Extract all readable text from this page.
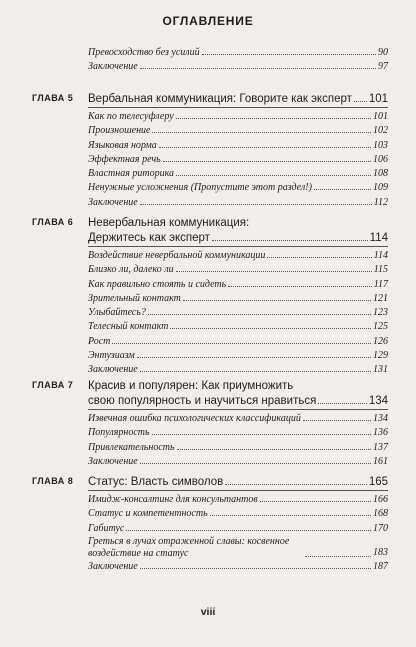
ОГЛАВЛЕНИЕ
Превосходство без усилий	90
Заключение	97
ГЛАВА 5	Вербальная коммуникация: Говорите как эксперт 101
Как по телесуфлеру	101
Произношение	102
Языковая норма	103
Эффектная речь	106
Властная риторика	108
Ненужные усложнения (Пропустите этот раздел!)	109
Заключение	112
ГЛАВА 6	Невербальная коммуникация:
Держитесь как эксперт	114
Воздействие невербальной коммуникации	114
Близко ли, далеко ли	115
Как правильно стоять и сидеть	117
Зрительный контакт	121
Улыбайтесь?	123
Телесный контакт	125
Рост	126
Энтузиазм	129
Заключение	131
ГЛАВА 7	Красив и популярен: Как приумножить
свою популярность и научиться нравиться	134
Извечная ошибка психологических классификаций	134
Популярность	136
Привлекательность	137
Заключение	161
ГЛАВА 8	Статус: Власть символов	165
Имидж-консалтинг для консультантов	166
Статус и компетентность	168
Габитус	170
Греться в лучах отраженной славы: косвенное воздействие на статус	183
Заключение	187
viii
